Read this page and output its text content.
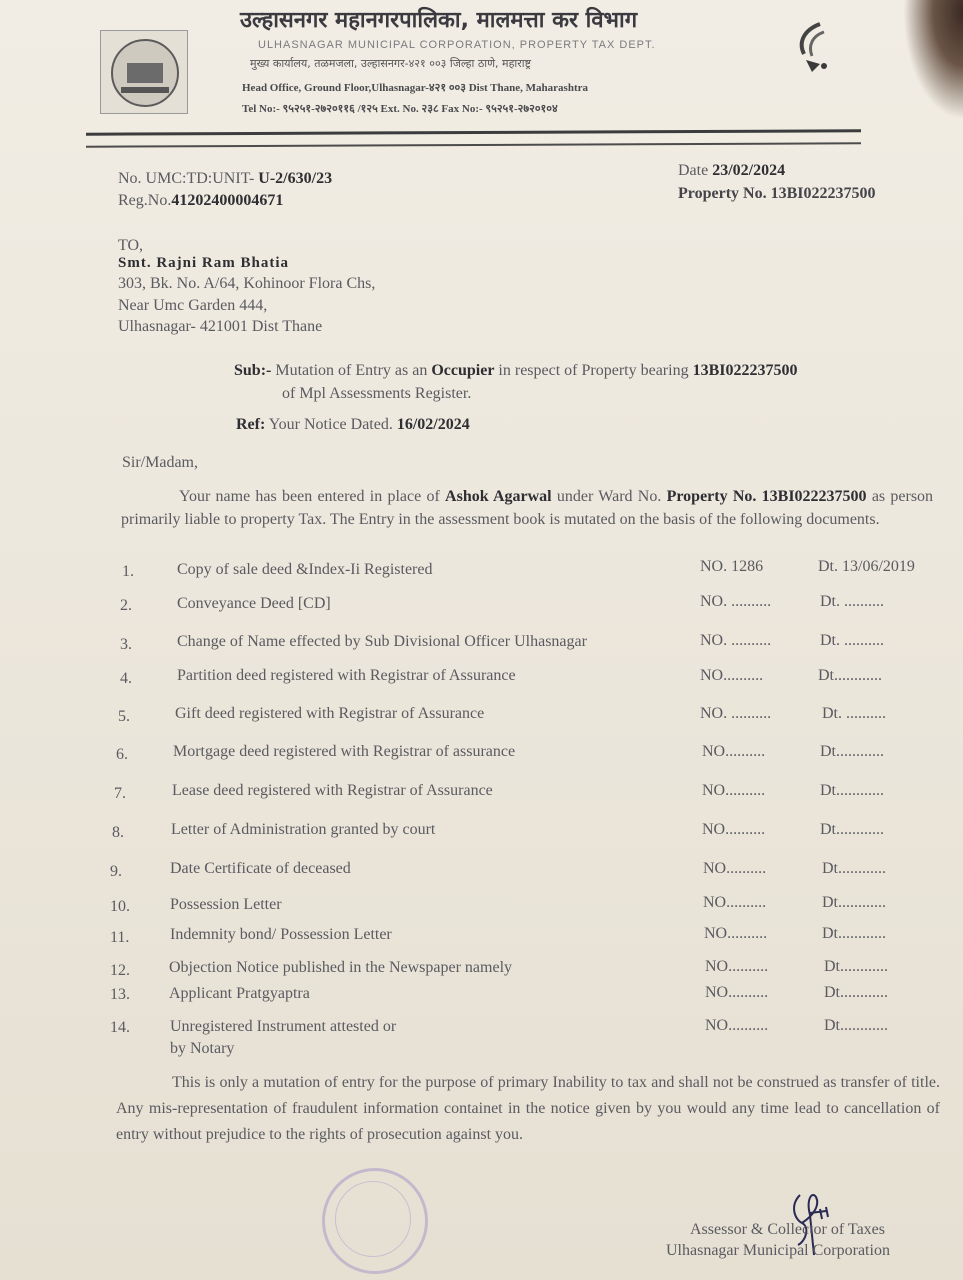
उल्हासनगर महानगरपालिका, मालमत्ता कर विभाग
ULHASNAGAR MUNICIPAL CORPORATION, PROPERTY TAX DEPT.
मुख्य कार्यालय, तळमजला, उल्हासनगर-४२१ ००३ जिल्हा ठाणे, महाराष्ट्र
Head Office, Ground Floor,Ulhasnagar-४२१ ००३ Dist Thane, Maharashtra
Tel No:- ९५२५१-२७२०११६ /१२५ Ext. No. २३८ Fax No:- ९५२५१-२७२०१०४
No. UMC:TD:UNIT- U-2/630/23
Reg.No.41202400004671
Date 23/02/2024
Property No. 13BI022237500
TO,
Smt. Rajni Ram Bhatia
303, Bk. No. A/64, Kohinoor Flora Chs,
Near Umc Garden 444,
Ulhasnagar- 421001 Dist Thane
Sub:- Mutation of Entry as an Occupier in respect of Property bearing 13BI022237500
of Mpl Assessments Register.
Ref: Your Notice Dated. 16/02/2024
Sir/Madam,
Your name has been entered in place of Ashok Agarwal under Ward No. Property No. 13BI022237500 as person primarily liable to property Tax. The Entry in the assessment book is mutated on the basis of the following documents.
1.	Copy of sale deed &Index-Ii Registered	NO. 1286	Dt. 13/06/2019
2.	Conveyance Deed [CD]	NO. ..........	Dt. ..........
3.	Change of Name effected by Sub Divisional Officer Ulhasnagar	NO. ..........	Dt. ..........
4.	Partition deed registered with Registrar of Assurance	NO..........	Dt............
5.	Gift deed registered with Registrar of Assurance	NO. ..........	Dt. ..........
6.	Mortgage deed registered with Registrar of assurance	NO..........	Dt............
7.	Lease deed registered with Registrar of Assurance	NO..........	Dt............
8.	Letter of Administration granted by court	NO..........	Dt............
9.	Date Certificate of deceased	NO..........	Dt............
10.	Possession Letter	NO..........	Dt............
11.	Indemnity bond/ Possession Letter	NO..........	Dt............
12. Objection Notice published in the Newspaper namely	NO..........	Dt............
13. Applicant Pratgyaptra	NO..........	Dt............
14.	Unregistered Instrument attested or
by Notary
NO..........	Dt............
This is only a mutation of entry for the purpose of primary Inability to tax and shall not be construed as transfer of title. Any mis-representation of fraudulent information containet in the notice given by you would any time lead to cancellation of entry without prejudice to the rights of prosecution against you.
Assessor & Collector of Taxes
Ulhasnagar Municipal Corporation
